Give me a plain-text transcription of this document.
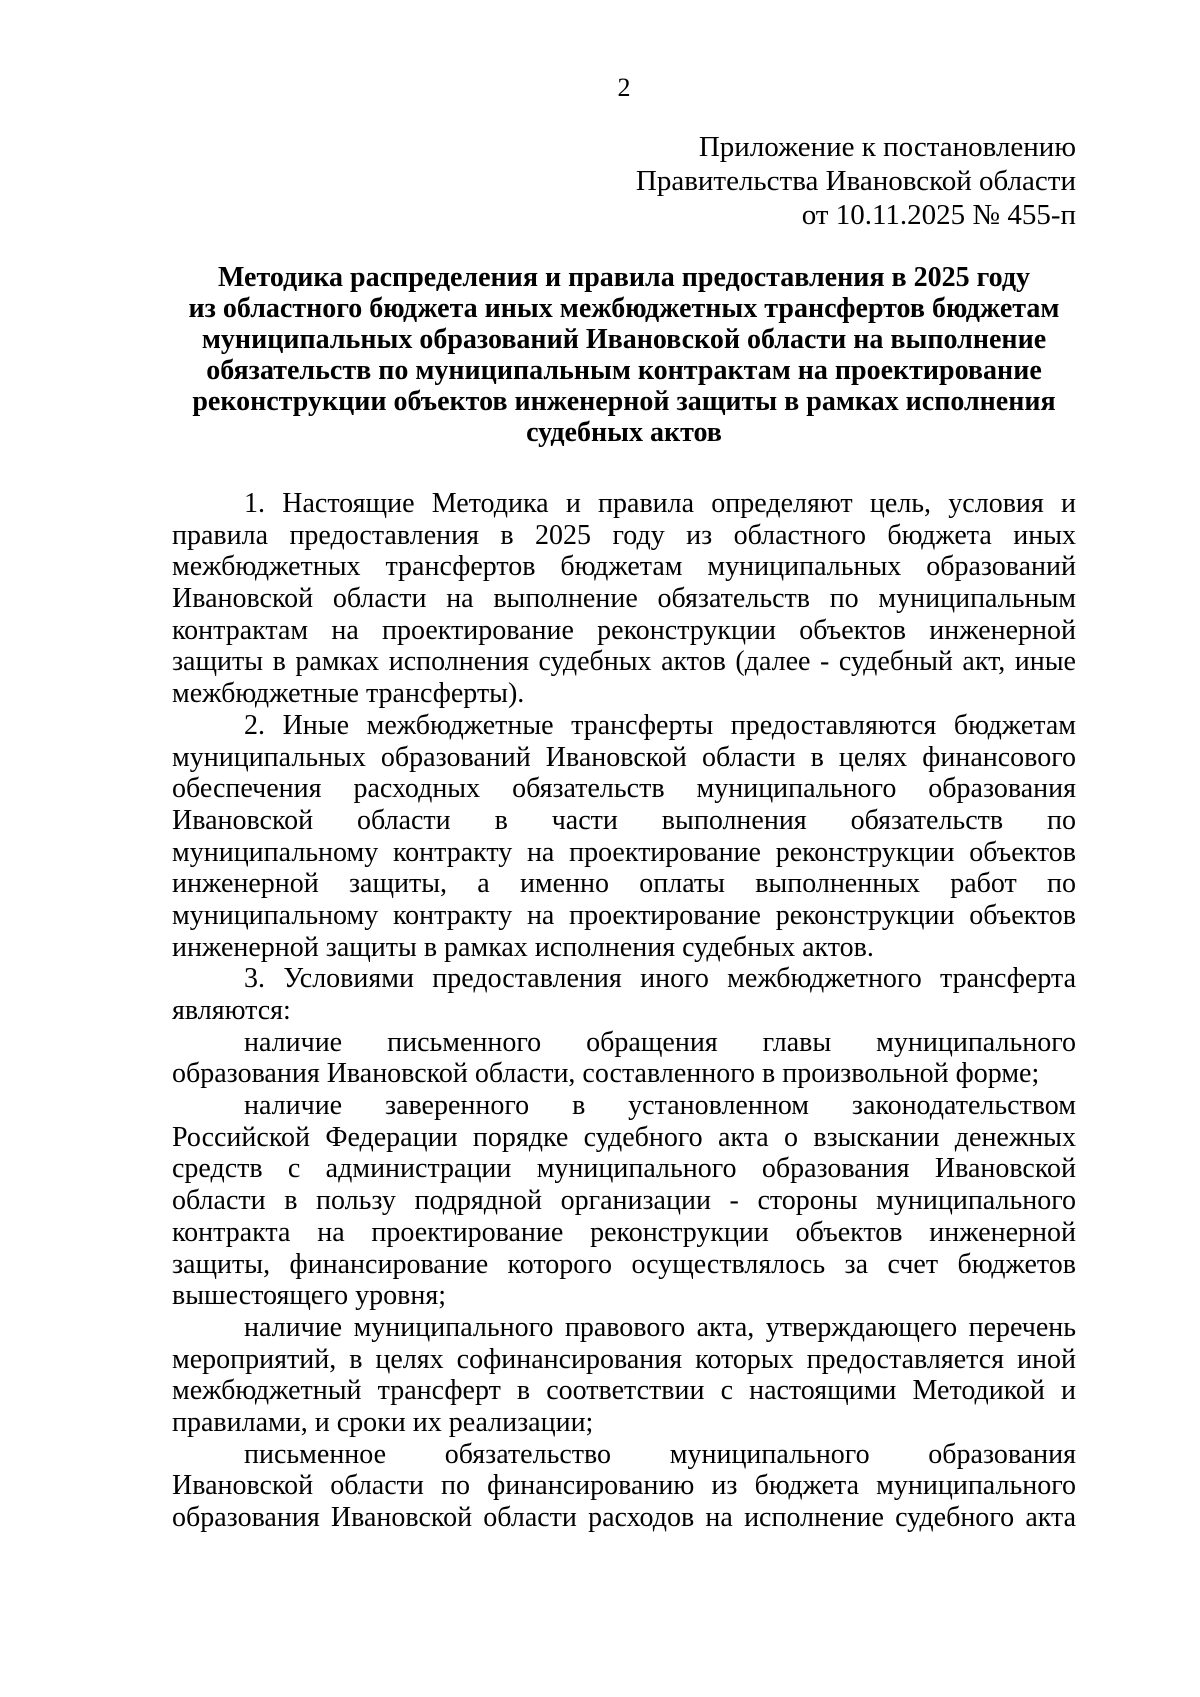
2
Приложение к постановлению
Правительства Ивановской области
от 10.11.2025 № 455-п
Методика распределения и правила предоставления в 2025 году
из областного бюджета иных межбюджетных трансфертов бюджетам
муниципальных образований Ивановской области на выполнение
обязательств по муниципальным контрактам на проектирование
реконструкции объектов инженерной защиты в рамках исполнения
судебных актов
1. Настоящие Методика и правила определяют цель, условия и
правила предоставления в 2025 году из областного бюджета иных
межбюджетных трансфертов бюджетам муниципальных образований
Ивановской области на выполнение обязательств по муниципальным
контрактам на проектирование реконструкции объектов инженерной
защиты в рамках исполнения судебных актов (далее - судебный акт, иные
межбюджетные трансферты).
2. Иные межбюджетные трансферты предоставляются бюджетам
муниципальных образований Ивановской области в целях финансового
обеспечения расходных обязательств муниципального образования
Ивановской области в части выполнения обязательств по
муниципальному контракту на проектирование реконструкции объектов
инженерной защиты, а именно оплаты выполненных работ по
муниципальному контракту на проектирование реконструкции объектов
инженерной защиты в рамках исполнения судебных актов.
3. Условиями предоставления иного межбюджетного трансферта
являются:
наличие письменного обращения главы муниципального
образования Ивановской области, составленного в произвольной форме;
наличие заверенного в установленном законодательством
Российской Федерации порядке судебного акта о взыскании денежных
средств с администрации муниципального образования Ивановской
области в пользу подрядной организации - стороны муниципального
контракта на проектирование реконструкции объектов инженерной
защиты, финансирование которого осуществлялось за счет бюджетов
вышестоящего уровня;
наличие муниципального правового акта, утверждающего перечень
мероприятий, в целях софинансирования которых предоставляется иной
межбюджетный трансферт в соответствии с настоящими Методикой и
правилами, и сроки их реализации;
письменное обязательство муниципального образования
Ивановской области по финансированию из бюджета муниципального
образования Ивановской области расходов на исполнение судебного акта
